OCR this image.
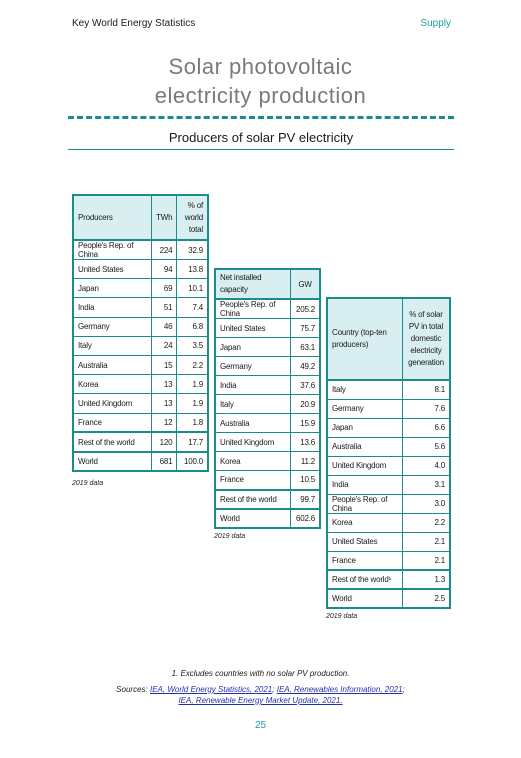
Key World Energy Statistics	Supply
Solar photovoltaic
electricity production
Producers of solar PV electricity
Producers	TWh	% of world total
People's Rep. of China	224	32.9
United States	94	13.8
Japan	69	10.1
India	51	7.4
Germany	46	6.8
Italy	24	3.5
Australia	15	2.2
Korea	13	1.9
United Kingdom	13	1.9
France	12	1.8
Rest of the world	120	17.7
World	681	100.0
2019 data
Net installed capacity	GW
People's Rep. of China	205.2
United States	75.7
Japan	63.1
Germany	49.2
India	37.6
Italy	20.9
Australia	15.9
United Kingdom	13.6
Korea	11.2
France	10.5
Rest of the world	99.7
World	602.6
2019 data
Country (top-ten producers)	% of solar PV in total domestic electricity generation
Italy	8.1
Germany	7.6
Japan	6.6
Australia	5.6
United Kingdom	4.0
India	3.1
People's Rep. of China	3.0
Korea	2.2
United States	2.1
France	2.1
Rest of the world¹	1.3
World	2.5
2019 data
1. Excludes countries with no solar PV production.
Sources: IEA, World Energy Statistics, 2021; IEA, Renewables Information, 2021;
IEA, Renewable Energy Market Update, 2021.
25
